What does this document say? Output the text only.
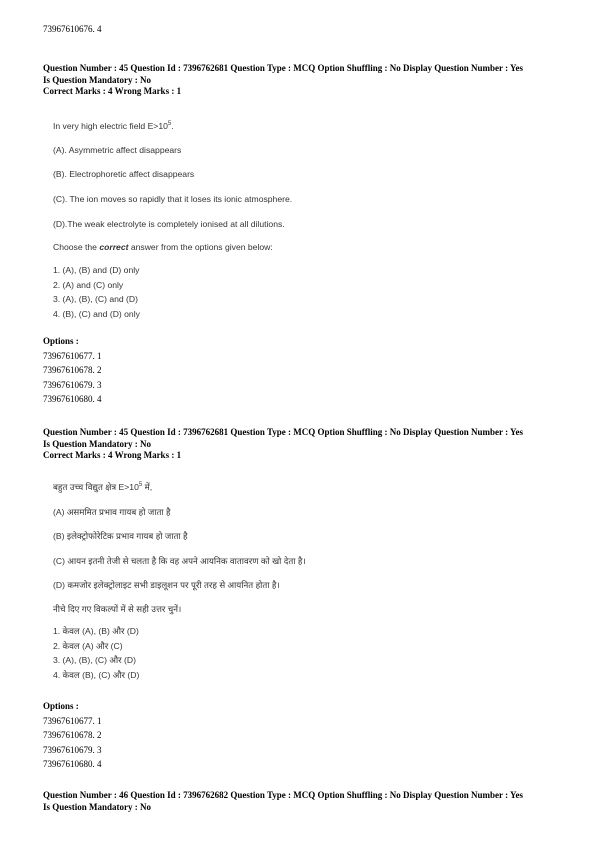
73967610676. 4
Question Number : 45 Question Id : 7396762681 Question Type : MCQ Option Shuffling : No Display Question Number : Yes
Is Question Mandatory : No
Correct Marks : 4 Wrong Marks : 1
In very high electric field $E>10^5$.
(A). Asymmetric affect disappears
(B). Electrophoretic affect disappears
(C). The ion moves so rapidly that it loses its ionic atmosphere.
(D).The weak electrolyte is completely ionised at all dilutions.
Choose the correct answer from the options given below:
1. (A), (B) and (D) only
2. (A) and (C) only
3. (A), (B), (C) and (D)
4. (B), (C) and (D) only
Options :
73967610677. 1
73967610678. 2
73967610679. 3
73967610680. 4
Question Number : 45 Question Id : 7396762681 Question Type : MCQ Option Shuffling : No Display Question Number : Yes
Is Question Mandatory : No
Correct Marks : 4 Wrong Marks : 1
बहुत उच्च विद्युत क्षेत्र $E>10^5$ में,
(A) असममित प्रभाव गायब हो जाता है
(B) इलेक्ट्रोफोरेटिक प्रभाव गायब हो जाता है
(C) आयन इतनी तेजी से चलता है कि वह अपने आयनिक वातावरण को खो देता है।
(D) कमजोर इलेक्ट्रोलाइट सभी डाइलूशन पर पूरी तरह से आयनित होता है।
नीचे दिए गए विकल्पों में से सही उत्तर चुनें।
1. केवल (A), (B) और (D)
2. केवल (A) और (C)
3. (A), (B), (C) और (D)
4. केवल (B), (C) और (D)
Options :
73967610677. 1
73967610678. 2
73967610679. 3
73967610680. 4
Question Number : 46 Question Id : 7396762682 Question Type : MCQ Option Shuffling : No Display Question Number : Yes
Is Question Mandatory : No
